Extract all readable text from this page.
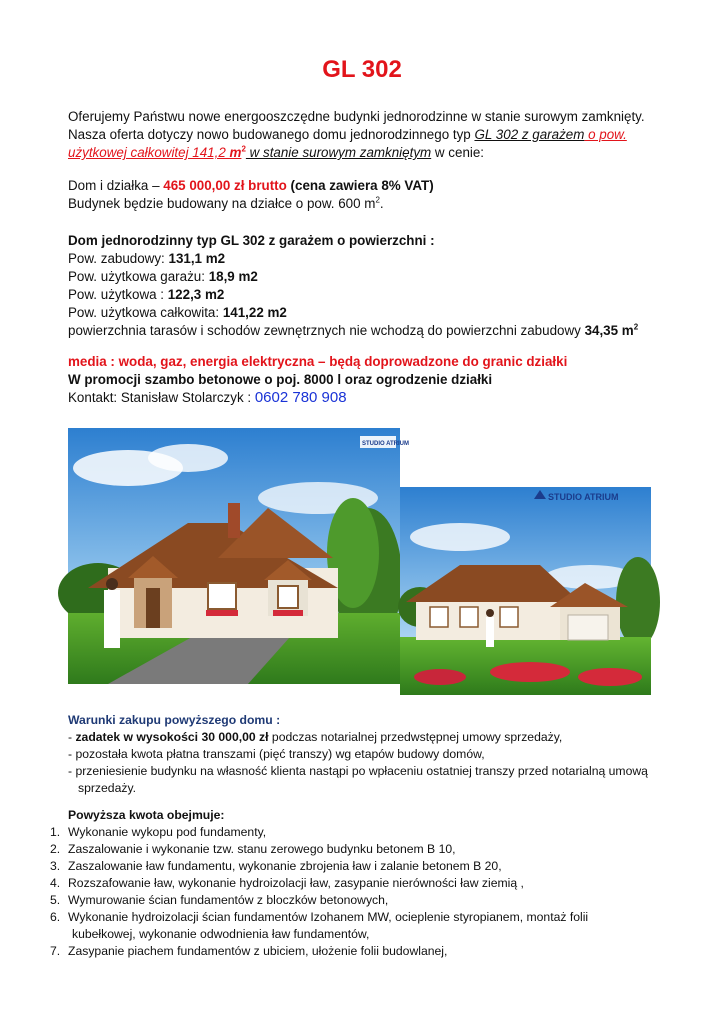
GL 302
Oferujemy Państwu nowe energooszczędne budynki jednorodzinne w stanie surowym zamknięty.
Nasza oferta dotyczy nowo budowanego domu jednorodzinnego typ GL 302 z garażem o pow.
użytkowej całkowitej 141,2 $m^2$ w stanie surowym zamkniętym w cenie:
Dom i działka – 465 000,00 zł brutto (cena zawiera 8% VAT)
Budynek będzie budowany na działce o pow. 600 $m^2$.
Dom jednorodzinny typ GL 302 z garażem o powierzchni :
Pow. zabudowy: 131,1 m2
Pow. użytkowa garażu: 18,9 m2
Pow. użytkowa : 122,3 m2
Pow. użytkowa całkowita: 141,22 m2
powierzchnia tarasów i schodów zewnętrznych nie wchodzą do powierzchni zabudowy 34,35 $m^2$
media : woda, gaz, energia elektryczna – będą doprowadzone do granic działki
W promocji szambo betonowe o poj. 8000 l oraz ogrodzenie działki
Kontakt: Stanisław Stolarczyk : 0602 780 908
STUDIO ATRIUM
STUDIO ATRIUM
Warunki zakupu powyższego domu :
- zadatek w wysokości 30 000,00 zł podczas notarialnej przedwstępnej umowy sprzedaży,
- pozostała kwota płatna transzami (pięć transzy) wg etapów budowy domów,
- przeniesienie budynku na własność klienta nastąpi po wpłaceniu ostatniej transzy przed notarialną umową
sprzedaży.
Powyższa kwota obejmuje:
1. Wykonanie wykopu pod fundamenty,
2. Zaszalowanie i wykonanie tzw. stanu zerowego budynku betonem B 10,
3. Zaszalowanie ław fundamentu, wykonanie zbrojenia ław i zalanie betonem B 20,
4. Rozszafowanie ław, wykonanie hydroizolacji ław, zasypanie nierówności ław ziemią ,
5. Wymurowanie ścian fundamentów z bloczków betonowych,
6. Wykonanie hydroizolacji ścian fundamentów Izohanem MW, ocieplenie styropianem, montaż folii
kubełkowej, wykonanie odwodnienia ław fundamentów,
7. Zasypanie piachem fundamentów z ubiciem, ułożenie folii budowlanej,
